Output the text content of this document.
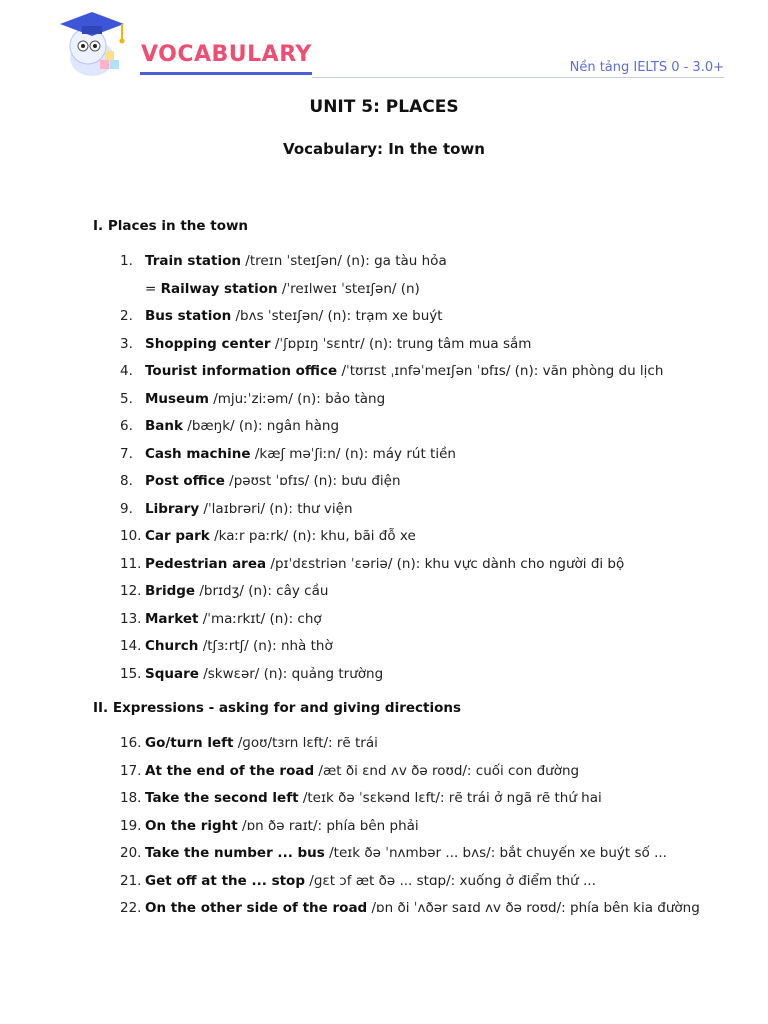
VOCABULARY
Nền tảng IELTS 0 - 3.0+
UNIT 5: PLACES
Vocabulary: In the town
I. Places in the town
1. Train station /treɪn ˈsteɪʃən/ (n): ga tàu hỏa
= Railway station /ˈreɪlweɪ ˈsteɪʃən/ (n)
2. Bus station /bʌs ˈsteɪʃən/ (n): trạm xe buýt
3. Shopping center /ˈʃɒpɪŋ ˈsɛntr/ (n): trung tâm mua sắm
4. Tourist information office /ˈtʊrɪst ˌɪnfəˈmeɪʃən ˈɒfɪs/ (n): văn phòng du lịch
5. Museum /mjuːˈziːəm/ (n): bảo tàng
6. Bank /bæŋk/ (n): ngân hàng
7. Cash machine /kæʃ məˈʃiːn/ (n): máy rút tiền
8. Post office /pəʊst ˈɒfɪs/ (n): bưu điện
9. Library /ˈlaɪbrəri/ (n): thư viện
10. Car park /kaːr paːrk/ (n): khu, bãi đỗ xe
11. Pedestrian area /pɪˈdɛstriən ˈɛəriə/ (n): khu vực dành cho người đi bộ
12. Bridge /brɪdʒ/ (n): cây cầu
13. Market /ˈmaːrkɪt/ (n): chợ
14. Church /tʃɜːrtʃ/ (n): nhà thờ
15. Square /skwɛər/ (n): quảng trường
II. Expressions - asking for and giving directions
16. Go/turn left /ɡoʊ/tɜrn lɛft/: rẽ trái
17. At the end of the road /æt ði ɛnd ʌv ðə roʊd/: cuối con đường
18. Take the second left /teɪk ðə ˈsɛkənd lɛft/: rẽ trái ở ngã rẽ thứ hai
19. On the right /ɒn ðə raɪt/: phía bên phải
20. Take the number ... bus /teɪk ðə ˈnʌmbər ... bʌs/: bắt chuyến xe buýt số ...
21. Get off at the ... stop /ɡɛt ɔf æt ðə ... stɑp/: xuống ở điểm thứ ...
22. On the other side of the road /ɒn ði ˈʌðər saɪd ʌv ðə roʊd/: phía bên kia đường
